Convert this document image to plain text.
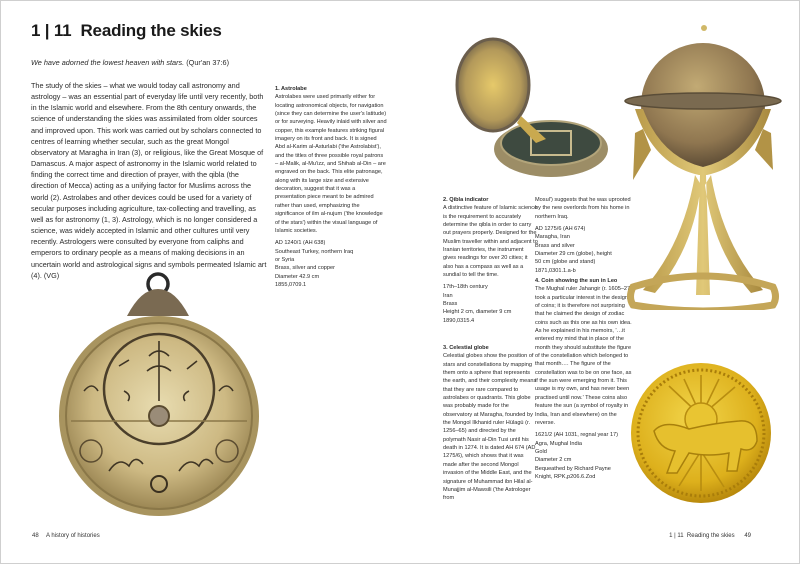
1 | 11 Reading the skies
We have adorned the lowest heaven with stars. (Qur'an 37:6)
The study of the skies – what we would today call astronomy and astrology – was an essential part of everyday life until very recently, both in the Islamic world and elsewhere. From the 8th century onwards, the science of understanding the skies was assimilated from older sources and improved upon. This work was carried out by scholars connected to centres of learning whether secular, such as the great Mongol observatory at Maragha in Iran (3), or religious, like the Great Mosque of Damascus. A major aspect of astronomy in the Islamic world related to finding the correct time and direction of prayer, with the qibla (the direction of Mecca) acting as a unifying factor for Muslims across the world (2). Astrolabes and other devices could be used for a variety of secular purposes including agriculture, tax-collecting and travelling, as well as for astronomy (1, 3). Astrology, which is no longer considered a science, was widely accepted in Islamic and other cultures until very recently. Astrologers were consulted by everyone from caliphs and emperors to ordinary people as a means of making decisions in an uncertain world and astrological signs and symbols permeated Islamic art (4). (VG)
1. Astrolabe
Astrolabes were used primarily either for locating astronomical objects, for navigation (since they can determine the user's latitude) or for surveying. Heavily inlaid with silver and copper, this example features striking figural imagery on its front and back. It is signed Abd al-Karim al-Asturlabi ('the Astrolabist'), and the titles of three possible royal patrons – al-Malik, al-Mu'izz, and Shihab al-Din – are engraved on the back. This elite patronage, along with its large size and extensive decoration, suggest that it was a presentation piece meant to be admired rather than used, emphasizing the significance of ilm al-nujum ('the knowledge of the stars') within the visual language of Islamic societies.
AD 1240/1 (AH 638)
Southeast Turkey, northern Iraq
or Syria
Brass, silver and copper
Diameter 42.9 cm
1855,0709.1
2. Qibla indicator
A distinctive feature of Islamic science is the requirement to accurately determine the qibla in order to carry out prayers properly. Designed for the Muslim traveller within and adjacent to Iranian territories, the instrument gives readings for over 20 cities; it also has a compass as well as a sundial to tell the time.
17th–18th century
Iran
Brass
Height 2 cm, diameter 9 cm
1890,0315.4
3. Celestial globe
Celestial globes show the position of stars and constellations by mapping them onto a sphere that represents the earth, and their complexity means that they are rare compared to astrolabes or quadrants. This globe was probably made for the observatory at Maragha, founded by the Mongol Ilkhanid ruler Hülagü (r. 1256–65) and directed by the polymath Nasir al-Din Tusi until his death in 1274. It is dated AH 674 (AD 1275/6), which shows that it was made after the second Mongol invasion of the Middle East, and the signature of Muhammad ibn Hilal al-Munajjim al-Mawsili ('the Astrologer from
Mosul') suggests that he was uprooted by the new overlords from his home in northern Iraq.
AD 1275/6 (AH 674)
Maragha, Iran
Brass and silver
Diameter 29 cm (globe), height
50 cm (globe and stand)
1871,0301.1.a-b
4. Coin showing the sun in Leo
The Mughal ruler Jahangir (r. 1605–27) took a particular interest in the design of coins; it is therefore not surprising that he claimed the design of zodiac coins such as this one as his own idea. As he explained in his memoirs, '…it entered my mind that in place of the month they should substitute the figure of the constellation which belonged to that month…. The figure of the constellation was to be on one face, as if the sun were emerging from it. This usage is my own, and has never been practised until now.' These coins also feature the sun (a symbol of royalty in India, Iran and elsewhere) on the reverse.
1621/2 (AH 1031, regnal year 17)
Agra, Mughal India
Gold
Diameter 2 cm
Bequeathed by Richard Payne
Knight, RPK,p206.6.Zod
48 A history of histories	1 | 11  Reading the skies 49
